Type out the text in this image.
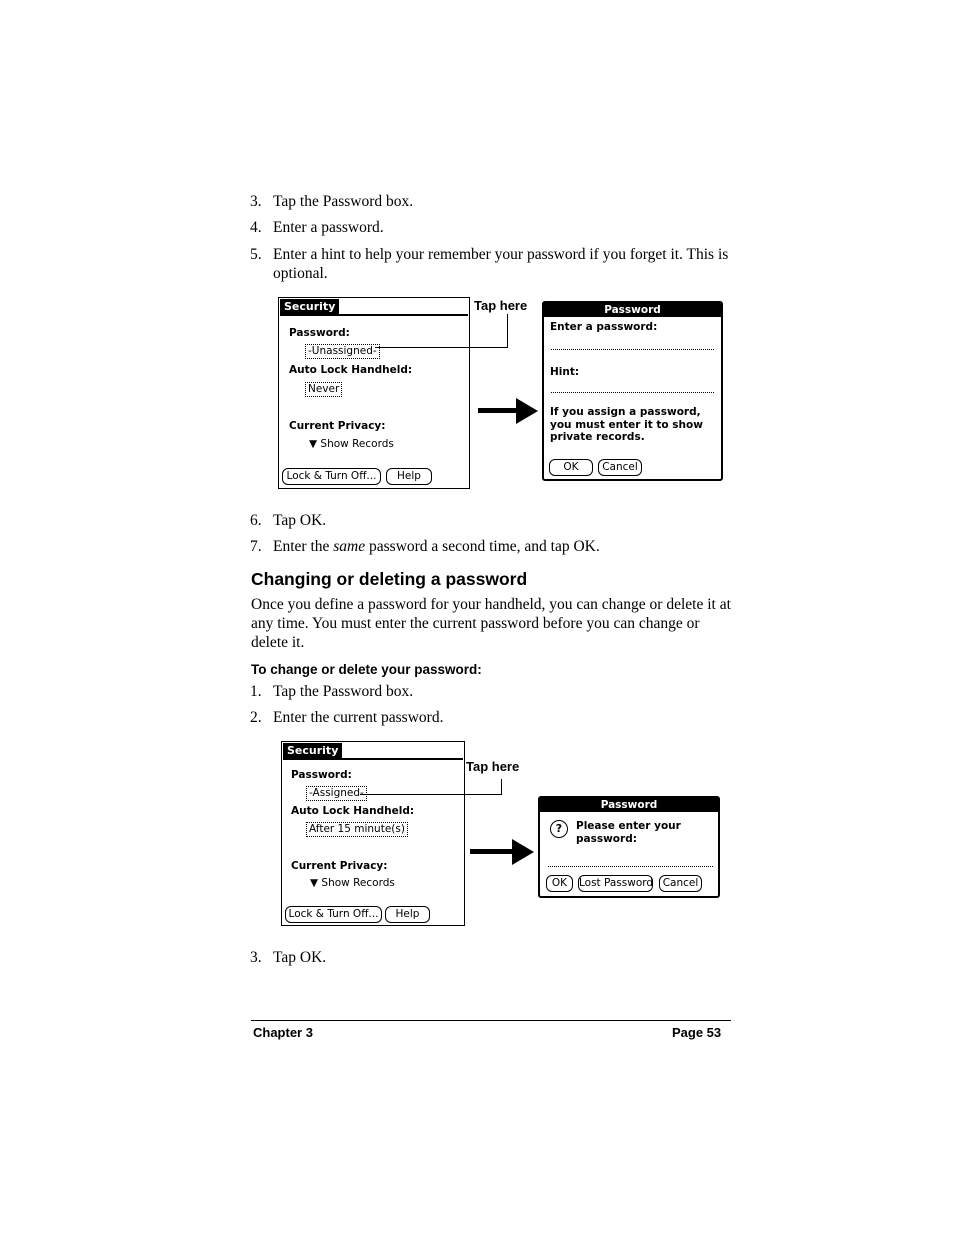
3. Tap the Password box.
4. Enter a password.
5. Enter a hint to help your remember your password if you forget it. This is optional.
Security
Password:
-Unassigned-
Auto Lock Handheld:
Never
Current Privacy:
▼ Show Records
Lock & Turn Off...	Help
Tap here	Password
Enter a password:
Hint:
If you assign a password, you must enter it to show private records.
OK	Cancel
6. Tap OK.
7. Enter the same password a second time, and tap OK.
Changing or deleting a password
Once you define a password for your handheld, you can change or delete it at any time. You must enter the current password before you can change or delete it.
To change or delete your password:
1. Tap the Password box.
2. Enter the current password.
Security
Password:
-Assigned-
Auto Lock Handheld:
After 15 minute(s)
Current Privacy:
▼ Show Records
Lock & Turn Off...	Help
Tap here
Password
?	Please enter your password:
OK	Lost Password Cancel
3. Tap OK.
Chapter 3	Page 53
